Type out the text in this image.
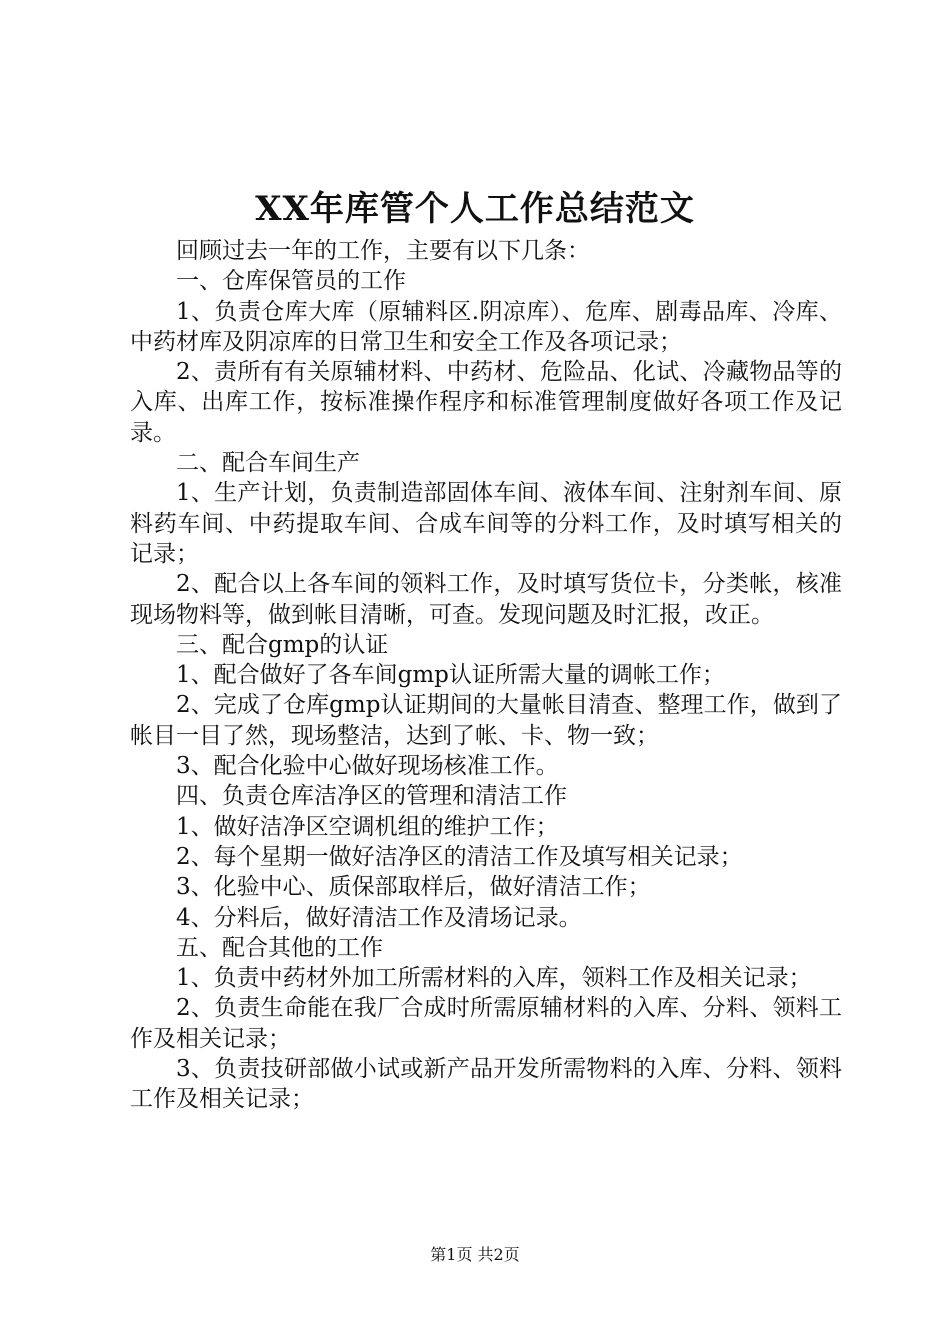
XX年库管个人工作总结范文

回顾过去一年的工作，主要有以下几条：

一、仓库保管员的工作

1、负责仓库大库（原辅料区.阴凉库）、危库、剧毒品库、冷库、中药材库及阴凉库的日常卫生和安全工作及各项记录；

2、责所有有关原辅材料、中药材、危险品、化试、冷藏物品等的入库、出库工作，按标准操作程序和标准管理制度做好各项工作及记录。

二、配合车间生产

1、生产计划，负责制造部固体车间、液体车间、注射剂车间、原料药车间、中药提取车间、合成车间等的分料工作，及时填写相关的记录；

2、配合以上各车间的领料工作，及时填写货位卡，分类帐，核准现场物料等，做到帐目清晰，可查。发现问题及时汇报，改正。

三、配合gmp的认证

1、配合做好了各车间gmp认证所需大量的调帐工作；

2、完成了仓库gmp认证期间的大量帐目清查、整理工作，做到了帐目一目了然，现场整洁，达到了帐、卡、物一致；

3、配合化验中心做好现场核准工作。

四、负责仓库洁净区的管理和清洁工作

1、做好洁净区空调机组的维护工作；

2、每个星期一做好洁净区的清洁工作及填写相关记录；

3、化验中心、质保部取样后，做好清洁工作；

4、分料后，做好清洁工作及清场记录。

五、配合其他的工作

1、负责中药材外加工所需材料的入库，领料工作及相关记录；

2、负责生命能在我厂合成时所需原辅材料的入库、分料、领料工作及相关记录；

3、负责技研部做小试或新产品开发所需物料的入库、分料、领料工作及相关记录；

第1页 共2页
